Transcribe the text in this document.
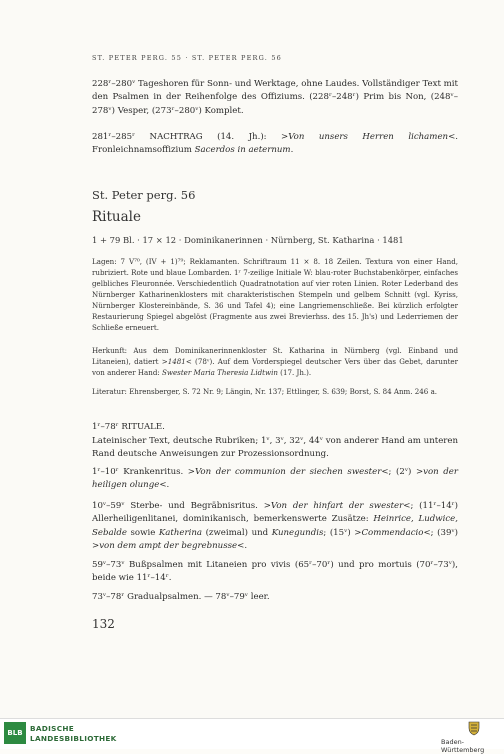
ST. PETER PERG. 55 · ST. PETER PERG. 56
228ʳ–280ᵛ Tageshoren für Sonn- und Werktage, ohne Laudes. Vollständiger Text mit den Psalmen in der Reihenfolge des Offiziums. (228ʳ–248ʳ) Prim bis Non, (248ᵛ–278ᵛ) Vesper, (273ʳ–280ᵛ) Komplet.
281ʳ–285ʳ NACHTRAG (14. Jh.): >Von unsers Herren lichamen<. Fronleichnamsoffizium Sacerdos in aeternum.
St. Peter perg. 56
Rituale
1 + 79 Bl. · 17 × 12 · Dominikanerinnen · Nürnberg, St. Katharina · 1481
Lagen: 7 V⁷⁰, (IV + 1)⁷⁹; Reklamanten. Schriftraum 11 × 8. 18 Zeilen. Textura von einer Hand, rubriziert. Rote und blaue Lombarden. 1ʳ 7-zeilige Initiale W: blau-roter Buchstabenkörper, einfaches gelbliches Fleuronnée. Verschiedentlich Quadratnotation auf vier roten Linien. Roter Lederband des Nürnberger Katharinenklosters mit charakteristischen Stempeln und gelbem Schnitt (vgl. Kyriss, Nürnberger Klostereinbände, S. 36 und Tafel 4); eine Langriemenschließe. Bei kürzlich erfolgter Restaurierung Spiegel abgelöst (Fragmente aus zwei Brevierhss. des 15. Jh's) und Lederriemen der Schließe erneuert.
Herkunft: Aus dem Dominikanerinnenkloster St. Katharina in Nürnberg (vgl. Einband und Litaneien), datiert >1481< (78ᵛ). Auf dem Vorderspiegel deutscher Vers über das Gebet, darunter von anderer Hand: Swester Maria Theresia Lidtwin (17. Jh.).
Literatur: Ehrensberger, S. 72 Nr. 9; Längin, Nr. 137; Ettlinger, S. 639; Borst, S. 84 Anm. 246 a.
1ʳ–78ʳ RITUALE.
Lateinischer Text, deutsche Rubriken; 1ᵛ, 3ᵛ, 32ᵛ, 44ᵛ von anderer Hand am unteren Rand deutsche Anweisungen zur Prozessionsordnung.
1ʳ–10ʳ Krankenritus. >Von der communion der siechen swester<; (2ᵛ) >von der heiligen olunge<.
10ᵛ–59ᵛ Sterbe- und Begräbnisritus. >Von der hinfart der swester<; (11ʳ–14ʳ) Allerheiligenlitanei, dominikanisch, bemerkenswerte Zusätze: Heinrice, Ludwice, Sebalde sowie Katherina (zweimal) und Kunegundis; (15ᵛ) >Commendacio<; (39ᵛ) >von dem ampt der begrebnusse<.
59ᵛ–73ᵛ Bußpsalmen mit Litaneien pro vivis (65ʳ–70ʳ) und pro mortuis (70ʳ–73ᵛ), beide wie 11ʳ–14ʳ.
73ᵛ–78ʳ Gradualpsalmen. — 78ᵛ–79ᵛ leer.
132
BLB	BADISCHE
LANDESBIBLIOTHEK	Baden-Württemberg
